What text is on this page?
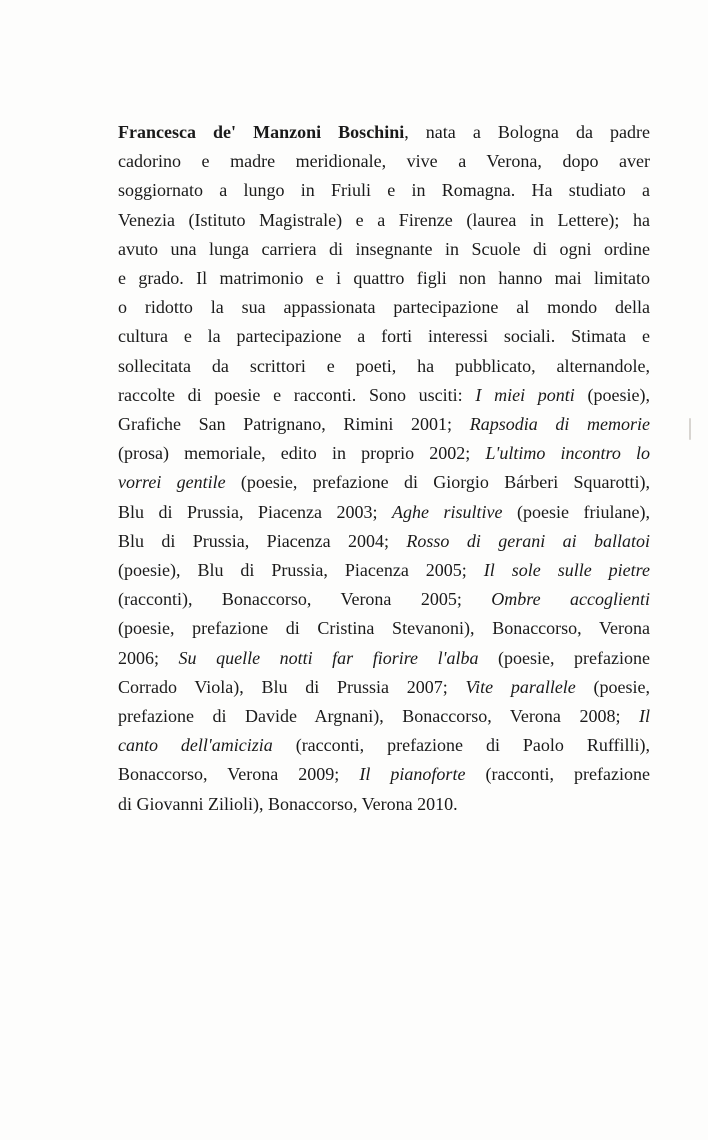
Francesca de' Manzoni Boschini, nata a Bologna da padre
cadorino e madre meridionale, vive a Verona, dopo aver
soggiornato a lungo in Friuli e in Romagna. Ha studiato a
Venezia (Istituto Magistrale) e a Firenze (laurea in Lettere); ha
avuto una lunga carriera di insegnante in Scuole di ogni ordine
e grado. Il matrimonio e i quattro figli non hanno mai limitato
o ridotto la sua appassionata partecipazione al mondo della
cultura e la partecipazione a forti interessi sociali. Stimata e
sollecitata da scrittori e poeti, ha pubblicato, alternandole,
raccolte di poesie e racconti. Sono usciti: I miei ponti (poesie),
Grafiche San Patrignano, Rimini 2001; Rapsodia di memorie
(prosa) memoriale, edito in proprio 2002; L'ultimo incontro lo
vorrei gentile (poesie, prefazione di Giorgio Bárberi Squarotti),
Blu di Prussia, Piacenza 2003; Aghe risultive (poesie friulane),
Blu di Prussia, Piacenza 2004; Rosso di gerani ai ballatoi
(poesie), Blu di Prussia, Piacenza 2005; Il sole sulle pietre
(racconti), Bonaccorso, Verona 2005; Ombre accoglienti
(poesie, prefazione di Cristina Stevanoni), Bonaccorso, Verona
2006; Su quelle notti far fiorire l'alba (poesie, prefazione
Corrado Viola), Blu di Prussia 2007; Vite parallele (poesie,
prefazione di Davide Argnani), Bonaccorso, Verona 2008; Il
canto dell'amicizia (racconti, prefazione di Paolo Ruffilli),
Bonaccorso, Verona 2009; Il pianoforte (racconti, prefazione
di Giovanni Zilioli), Bonaccorso, Verona 2010.
